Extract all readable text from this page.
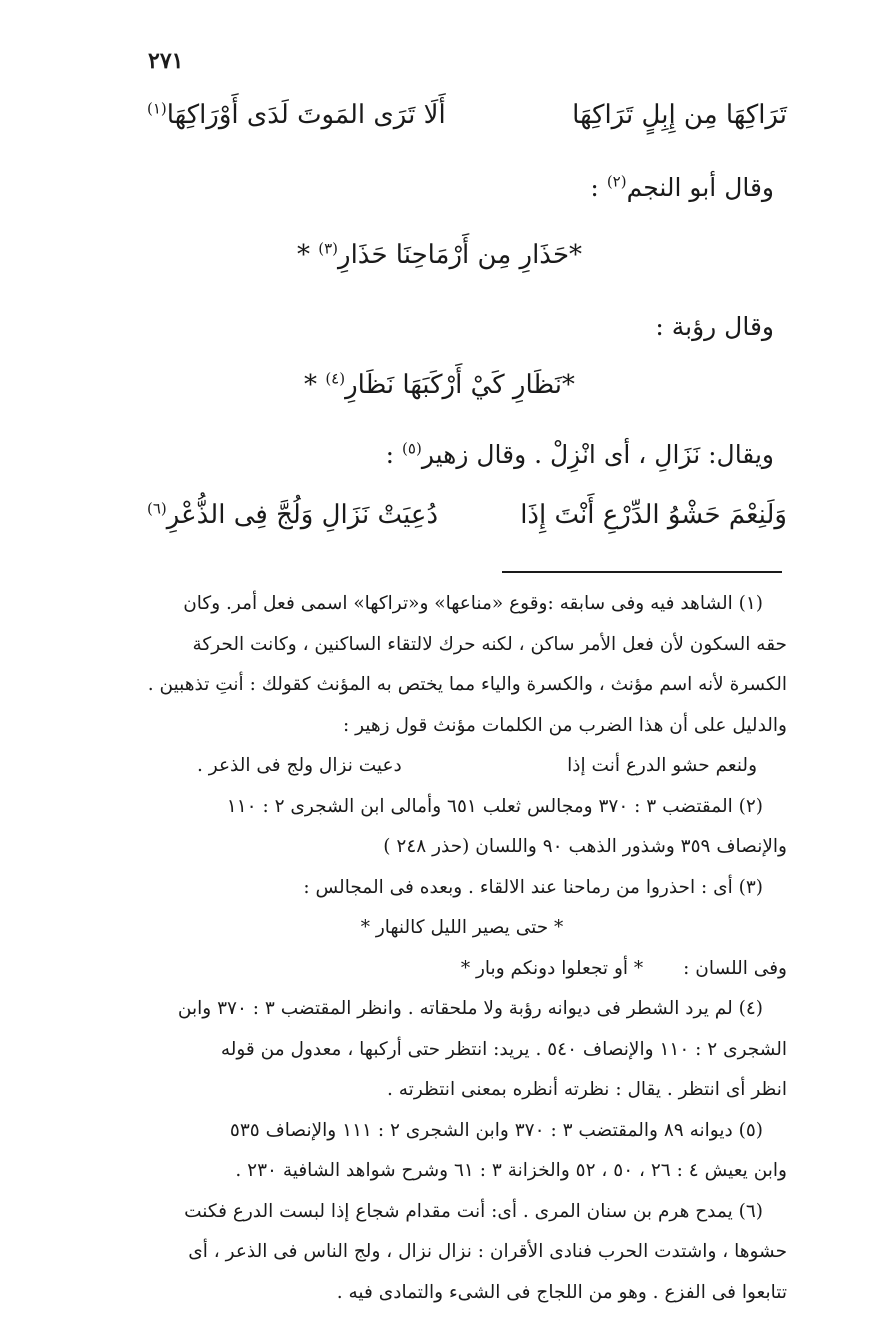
٢٧١
تَرَاكِهَا مِن إِبِلٍ تَرَاكِهَا
أَلَا تَرَى المَوتَ لَدَى أَوْرَاكِهَا$^{(١)}$
وقال أبو النجم$^{(٢)}$ :
*حَذَارِ مِن أَرْمَاحِنَا حَذَارِ$^{(٣)}$ *
وقال رؤبة :
*نَظَارِ كَيْ أَرْكَبَهَا نَظَارِ$^{(٤)}$ *
ويقال: نَزَالِ ، أى انْزِلْ . وقال زهير$^{(٥)}$ :
وَلَنِعْمَ حَشْوُ الدِّرْعِ أَنْتَ إِذَا
دُعِيَتْ نَزَالِ وَلُجَّ فِى الذُّعْرِ$^{(٦)}$
(١) الشاهد فيه وفى سابقه :وقوع «مناعها» و«تراكها» اسمى فعل أمر. وكان
حقه السكون لأن فعل الأمر ساكن ، لكنه حرك لالتقاء الساكنين ، وكانت الحركة
الكسرة لأنه اسم مؤنث ، والكسرة والياء مما يختص به المؤنث كقولك : أنتِ تذهبين .
والدليل على أن هذا الضرب من الكلمات مؤنث قول زهير :
ولنعم حشو الدرع أنت إذا
دعيت نزال ولج فى الذعر .
(٢) المقتضب ٣ : ٣٧٠ ومجالس ثعلب ٦٥١ وأمالى ابن الشجرى ٢ : ١١٠
والإنصاف ٣٥٩ وشذور الذهب ٩٠ واللسان (حذر ٢٤٨ )
(٣) أى : احذروا من رماحنا عند الالقاء . وبعده فى المجالس :
* حتى يصير الليل كالنهار *
وفى اللسان :
* أو تجعلوا دونكم وبار *
(٤) لم يرد الشطر فى ديوانه رؤبة ولا ملحقاته . وانظر المقتضب ٣ : ٣٧٠ وابن
الشجرى ٢ : ١١٠ والإنصاف ٥٤٠ . يريد: انتظر حتى أركبها ، معدول من قوله
انظر أى انتظر . يقال : نظرته أنظره بمعنى انتظرته .
(٥) ديوانه ٨٩ والمقتضب ٣ : ٣٧٠ وابن الشجرى ٢ : ١١١ والإنصاف ٥٣٥
وابن يعيش ٤ : ٢٦ ، ٥٠ ، ٥٢ والخزانة ٣ : ٦١ وشرح شواهد الشافية ٢٣٠ .
(٦) يمدح هرم بن سنان المرى . أى: أنت مقدام شجاع إذا لبست الدرع فكنت
حشوها ، واشتدت الحرب فنادى الأقران : نزال نزال ، ولج الناس فى الذعر ، أى
تتابعوا فى الفزع . وهو من اللجاج فى الشىء والتمادى فيه .
